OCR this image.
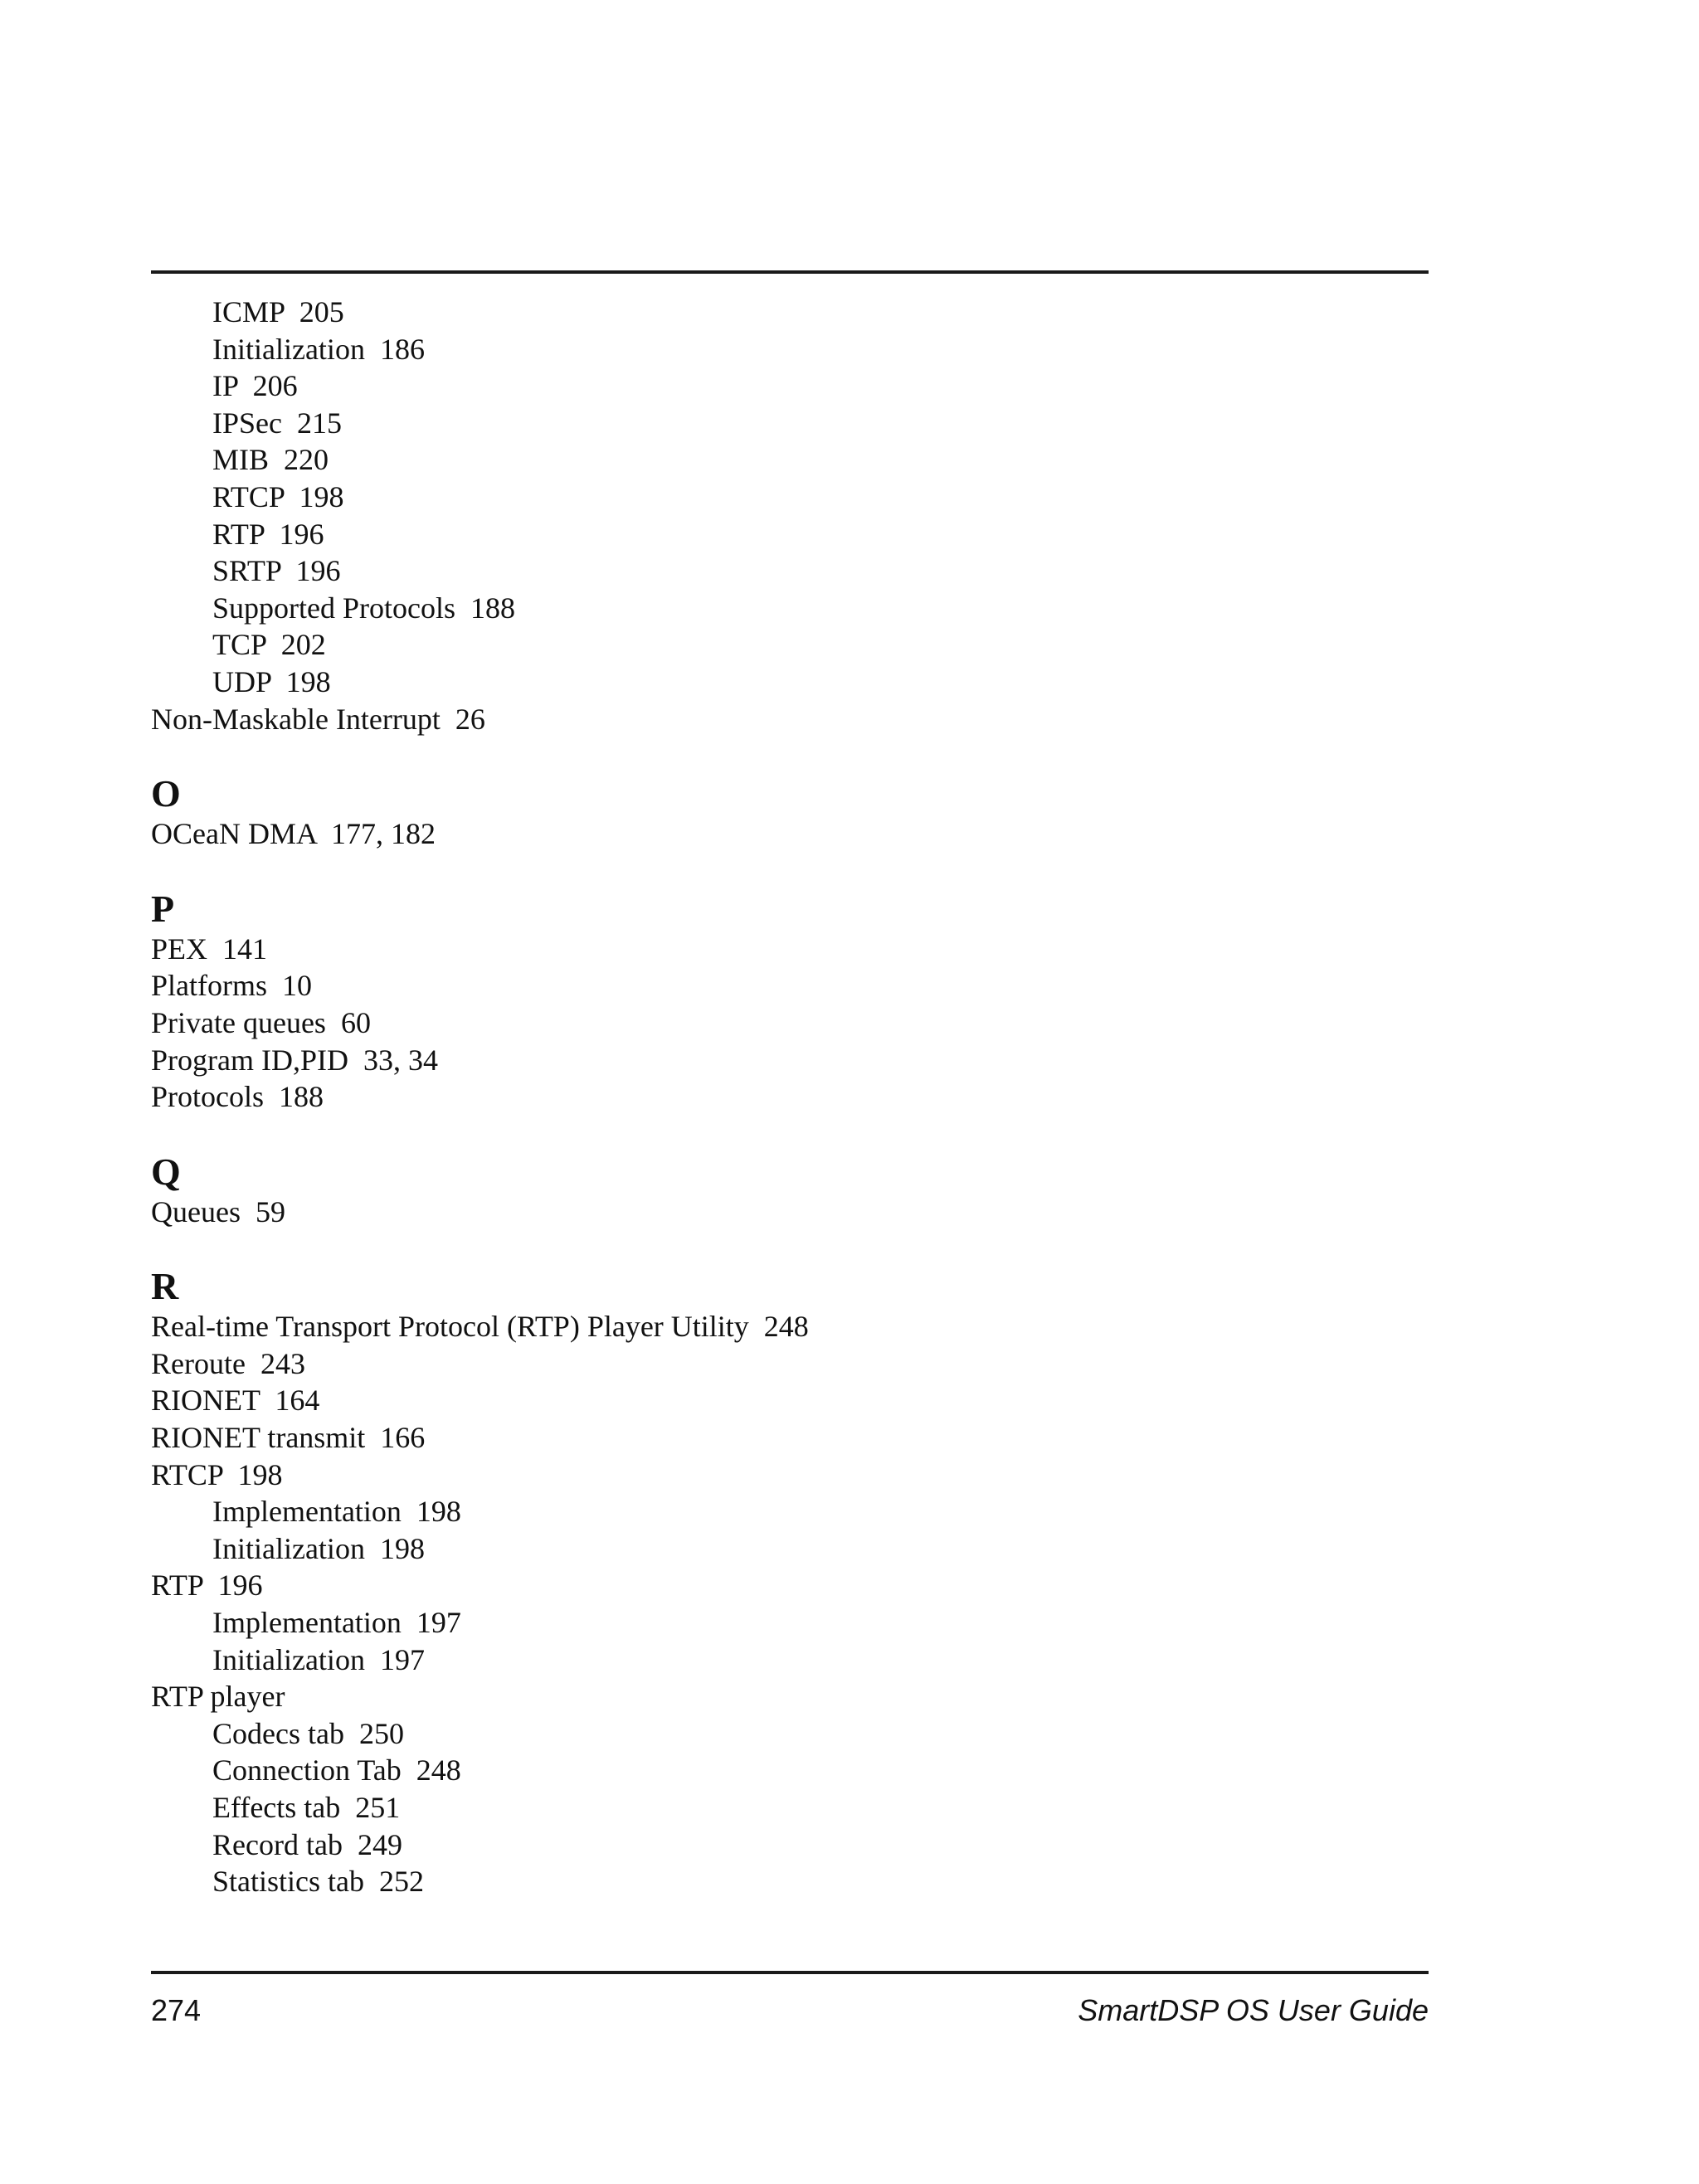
ICMP  205
Initialization  186
IP  206
IPSec  215
MIB  220
RTCP  198
RTP  196
SRTP  196
Supported Protocols  188
TCP  202
UDP  198
Non-Maskable Interrupt  26
O
OCeaN DMA  177, 182
P
PEX  141
Platforms  10
Private queues  60
Program ID,PID  33, 34
Protocols  188
Q
Queues  59
R
Real-time Transport Protocol (RTP) Player Utility  248
Reroute  243
RIONET  164
RIONET transmit  166
RTCP  198
Implementation  198
Initialization  198
RTP  196
Implementation  197
Initialization  197
RTP player
Codecs tab  250
Connection Tab  248
Effects tab  251
Record tab  249
Statistics tab  252
274	SmartDSP OS User Guide
